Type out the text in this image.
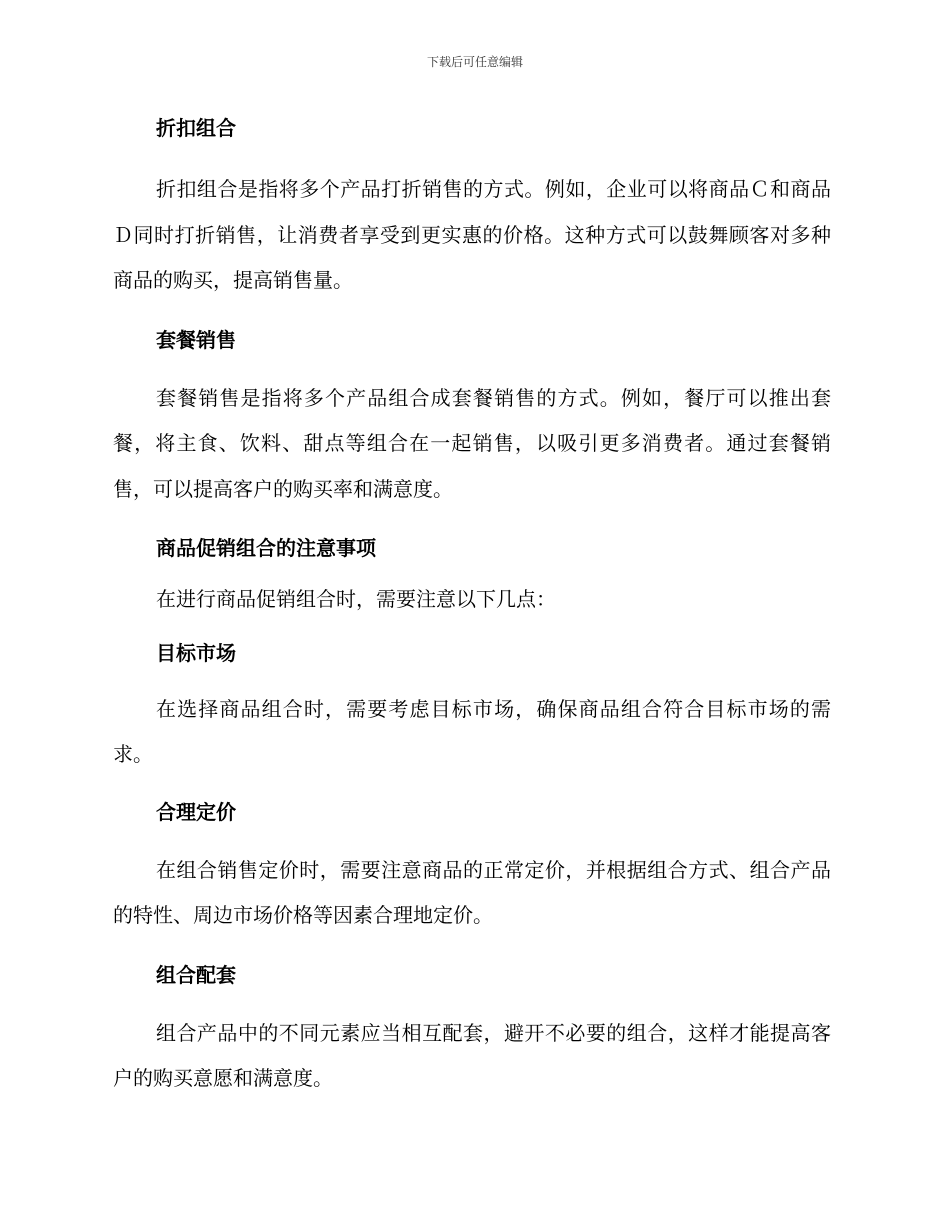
下载后可任意编辑
折扣组合

折扣组合是指将多个产品打折销售的方式。例如，企业可以将商品Ｃ和商品Ｄ同时打折销售，让消费者享受到更实惠的价格。这种方式可以鼓舞顾客对多种商品的购买，提高销售量。

套餐销售

套餐销售是指将多个产品组合成套餐销售的方式。例如，餐厅可以推出套餐，将主食、饮料、甜点等组合在一起销售，以吸引更多消费者。通过套餐销售，可以提高客户的购买率和满意度。

商品促销组合的注意事项

在进行商品促销组合时，需要注意以下几点：

目标市场

在选择商品组合时，需要考虑目标市场，确保商品组合符合目标市场的需求。

合理定价

在组合销售定价时，需要注意商品的正常定价，并根据组合方式、组合产品的特性、周边市场价格等因素合理地定价。

组合配套

组合产品中的不同元素应当相互配套，避开不必要的组合，这样才能提高客户的购买意愿和满意度。
